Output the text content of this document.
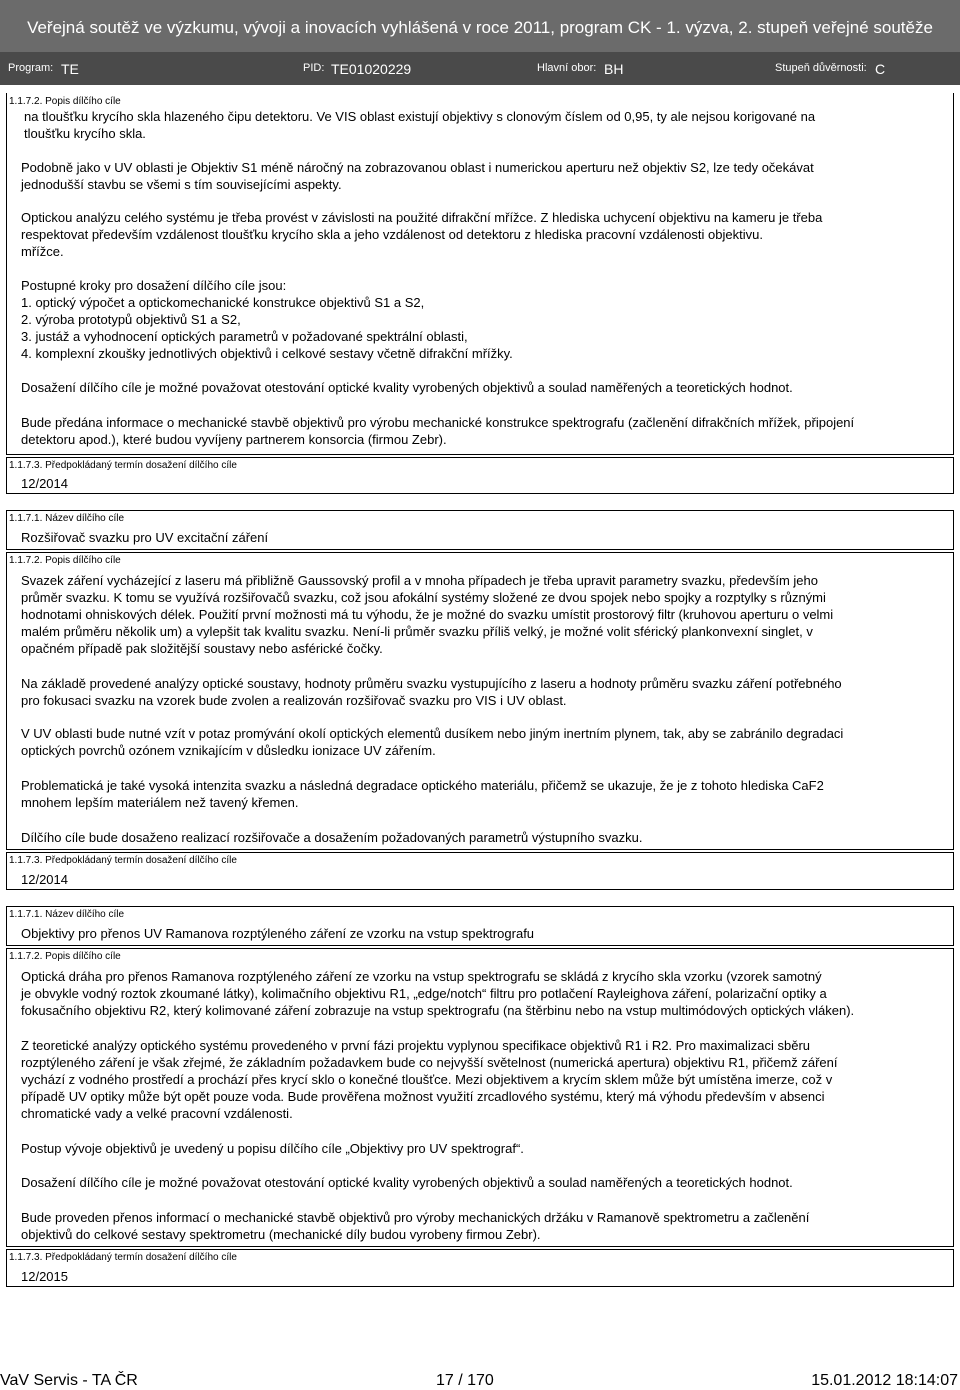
Veřejná soutěž ve výzkumu, vývoji a inovacích vyhlášená v roce 2011, program CK - 1. výzva, 2. stupeň veřejné soutěže
Program: TE	PID: TE01020229	Hlavní obor: BH	Stupeň důvěrnosti: C
1.1.7.2. Popis dílčího cíle
na tloušťku krycího skla hlazeného čipu detektoru. Ve VIS oblast existují objektivy s clonovým číslem od 0,95, ty ale nejsou korigované na
tloušťku krycího skla.
Podobně jako v UV oblasti je Objektiv S1 méně náročný na zobrazovanou oblast i numerickou aperturu než objektiv S2, lze tedy očekávat
jednodušší stavbu se všemi s tím souvisejícími aspekty.
Optickou analýzu celého systému je třeba provést v závislosti na použité difrakční mřížce. Z hlediska uchycení objektivu na kameru je třeba
respektovat především vzdálenost tloušťku krycího skla a jeho vzdálenost od detektoru z hlediska pracovní vzdálenosti objektivu.
mřížce.
Postupné kroky pro dosažení dílčího cíle jsou:
1. optický výpočet a optickomechanické konstrukce objektivů S1 a S2,
2. výroba prototypů objektivů S1 a S2,
3. justáž a vyhodnocení optických parametrů v požadované spektrální oblasti,
4. komplexní zkoušky jednotlivých objektivů i celkové sestavy včetně difrakční mřížky.
Dosažení dílčího cíle je možné považovat otestování optické kvality vyrobených objektivů a soulad naměřených a teoretických hodnot.
Bude předána informace o mechanické stavbě objektivů pro výrobu mechanické konstrukce spektrografu (začlenění difrakčních mřížek, připojení
detektoru apod.), které budou vyvíjeny partnerem konsorcia (firmou Zebr).
1.1.7.3. Předpokládaný termín dosažení dílčího cíle
12/2014
1.1.7.1. Název dílčího cíle
Rozšiřovač svazku pro UV excitační záření
1.1.7.2. Popis dílčího cíle
Svazek záření vycházející z laseru má přibližně Gaussovský profil a v mnoha případech je třeba upravit parametry svazku, především jeho
průměr svazku. K tomu se využívá rozšiřovačů svazku, což jsou afokální systémy složené ze dvou spojek nebo spojky a rozptylky s různými
hodnotami ohniskových délek. Použití první možnosti má tu výhodu, že je možné do svazku umístit prostorový filtr (kruhovou aperturu o velmi
malém průměru několik um) a vylepšit tak kvalitu svazku. Není-li průměr svazku příliš velký, je možné volit sférický plankonvexní singlet, v
opačném případě pak složitější soustavy nebo asférické čočky.
Na základě provedené analýzy optické soustavy, hodnoty průměru svazku vystupujícího z laseru a hodnoty průměru svazku záření potřebného
pro fokusaci svazku na vzorek bude zvolen a realizován rozšiřovač svazku pro VIS i UV oblast.
V UV oblasti bude nutné vzít v potaz promývání okolí optických elementů dusíkem nebo jiným inertním plynem, tak, aby se zabránilo degradaci
optických povrchů ozónem vznikajícím v důsledku ionizace UV zářením.
Problematická je také vysoká intenzita svazku a následná degradace optického materiálu, přičemž se ukazuje, že je z tohoto hlediska CaF2
mnohem lepším materiálem než tavený křemen.
Dílčího cíle bude dosaženo realizací rozšiřovače a dosažením požadovaných parametrů výstupního svazku.
1.1.7.3. Předpokládaný termín dosažení dílčího cíle
12/2014
1.1.7.1. Název dílčího cíle
Objektivy pro přenos UV Ramanova rozptýleného záření ze vzorku na vstup spektrografu
1.1.7.2. Popis dílčího cíle
Optická dráha pro přenos Ramanova rozptýleného záření ze vzorku na vstup spektrografu se skládá z krycího skla vzorku (vzorek samotný
je obvykle vodný roztok zkoumané látky), kolimačního objektivu R1, „edge/notch“ filtru pro potlačení Rayleighova záření, polarizační optiky a
fokusačního objektivu R2, který kolimované záření zobrazuje na vstup spektrografu (na štěrbinu nebo na vstup multimódových optických vláken).
Z teoretické analýzy optického systému provedeného v první fázi projektu vyplynou specifikace objektivů R1 i R2. Pro maximalizaci sběru
rozptýleného záření je však zřejmé, že základním požadavkem bude co nejvyšší světelnost (numerická apertura) objektivu R1, přičemž záření
vychází z vodného prostředí a prochází přes krycí sklo o konečné tloušťce. Mezi objektivem a krycím sklem může být umístěna imerze, což v
případě UV optiky může být opět pouze voda. Bude prověřena možnost využití zrcadlového systému, který má výhodu především v absenci
chromatické vady a velké pracovní vzdálenosti.
Postup vývoje objektivů je uvedený u popisu dílčího cíle „Objektivy pro UV spektrograf“.
Dosažení dílčího cíle je možné považovat otestování optické kvality vyrobených objektivů a soulad naměřených a teoretických hodnot.
Bude proveden přenos informací o mechanické stavbě objektivů pro výroby mechanických držáku v Ramanově spektrometru a začlenění
objektivů do celkové sestavy spektrometru (mechanické díly budou vyrobeny firmou Zebr).
1.1.7.3. Předpokládaný termín dosažení dílčího cíle
12/2015
VaV Servis - TA ČR	17 / 170	15.01.2012 18:14:07
